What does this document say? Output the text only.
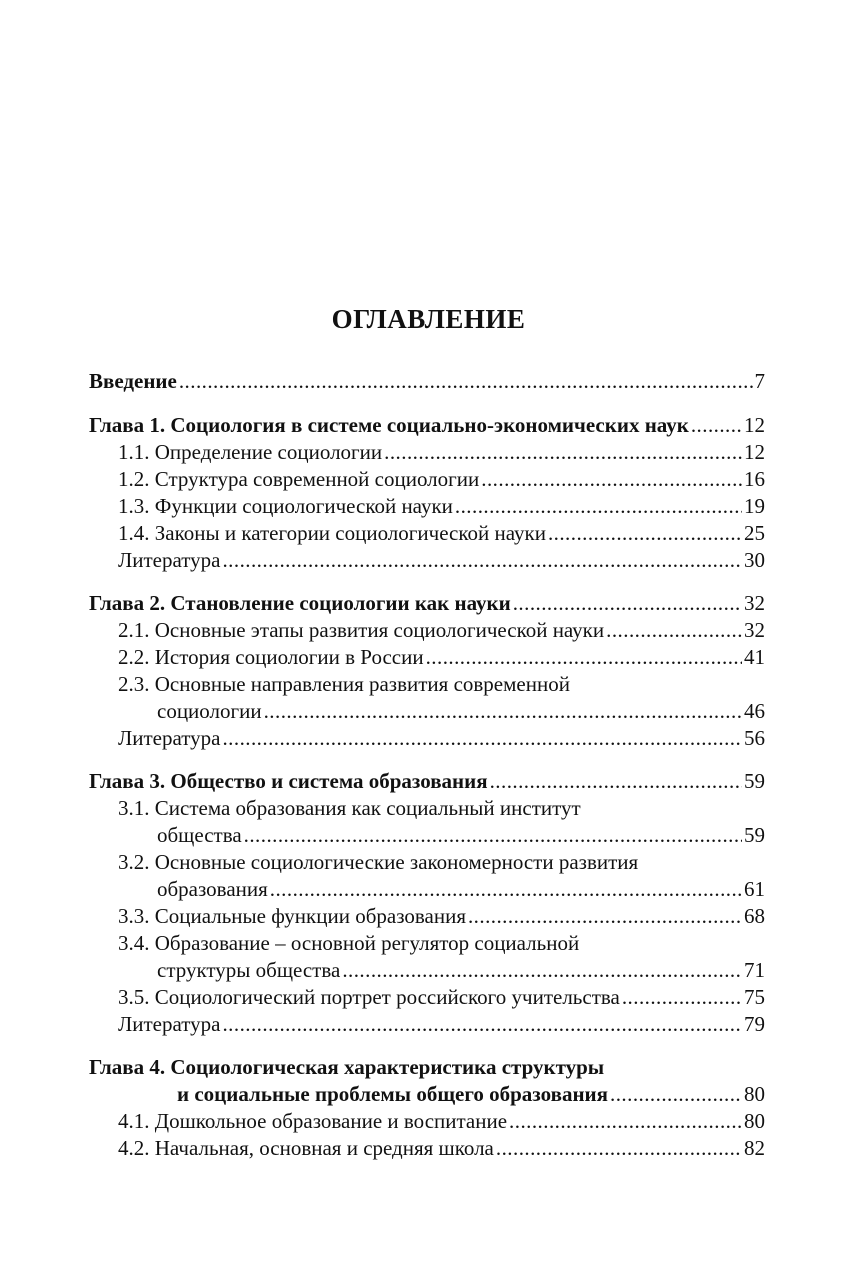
ОГЛАВЛЕНИЕ
Введение . . .	7
Глава 1. Социология в системе социально-экономических наук . . .	12
1.1. Определение социологии . . .	12
1.2. Структура современной социологии . . .	16
1.3. Функции социологической науки . . .	19
1.4. Законы и категории социологической науки . . .	25
Литература . . .	30
Глава 2. Становление социологии как науки . . .	32
2.1. Основные этапы развития социологической науки . . .	32
2.2. История социологии в России . . .	41
2.3. Основные направления развития современной
социологии . . .	46
Литература . . .	56
Глава 3. Общество и система образования . . .	59
3.1. Система образования как социальный институт
общества . . .	59
3.2. Основные социологические закономерности развития
образования . . .	61
3.3. Социальные функции образования . . .	68
3.4. Образование – основной регулятор социальной
структуры общества . . .	71
3.5. Социологический портрет российского учительства . . .	75
Литература . . .	79
Глава 4. Социологическая характеристика структуры
и социальные проблемы общего образования . . .	80
4.1. Дошкольное образование и воспитание . . .	80
4.2. Начальная, основная и средняя школа . . .	82
